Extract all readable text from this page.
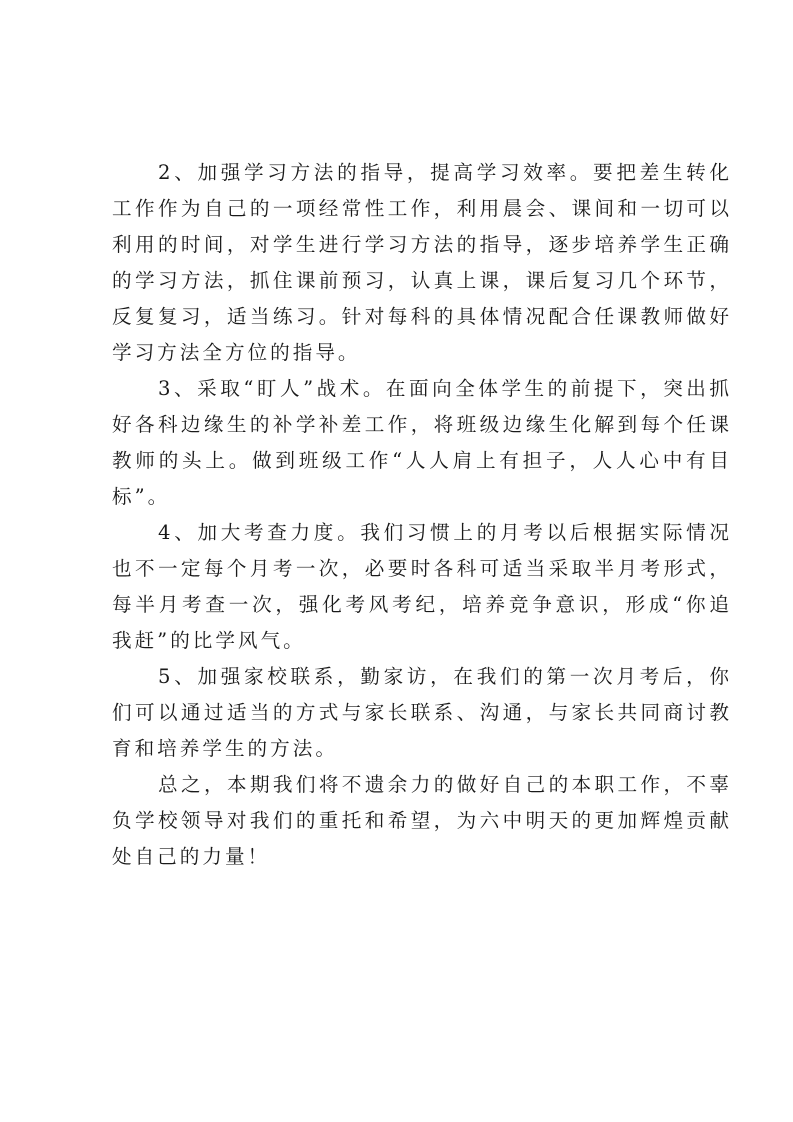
2、加强学习方法的指导，提高学习效率。要把差生转化工作作为自己的一项经常性工作，利用晨会、课间和一切可以利用的时间，对学生进行学习方法的指导，逐步培养学生正确的学习方法，抓住课前预习，认真上课，课后复习几个环节，反复复习，适当练习。针对每科的具体情况配合任课教师做好学习方法全方位的指导。

3、采取“盯人”战术。在面向全体学生的前提下，突出抓好各科边缘生的补学补差工作，将班级边缘生化解到每个任课教师的头上。做到班级工作“人人肩上有担子，人人心中有目标”。

4、加大考查力度。我们习惯上的月考以后根据实际情况也不一定每个月考一次，必要时各科可适当采取半月考形式，每半月考查一次，强化考风考纪，培养竞争意识，形成“你追我赶”的比学风气。

5、加强家校联系，勤家访，在我们的第一次月考后，你们可以通过适当的方式与家长联系、沟通，与家长共同商讨教育和培养学生的方法。

总之，本期我们将不遗余力的做好自己的本职工作，不辜负学校领导对我们的重托和希望，为六中明天的更加辉煌贡献处自己的力量！
